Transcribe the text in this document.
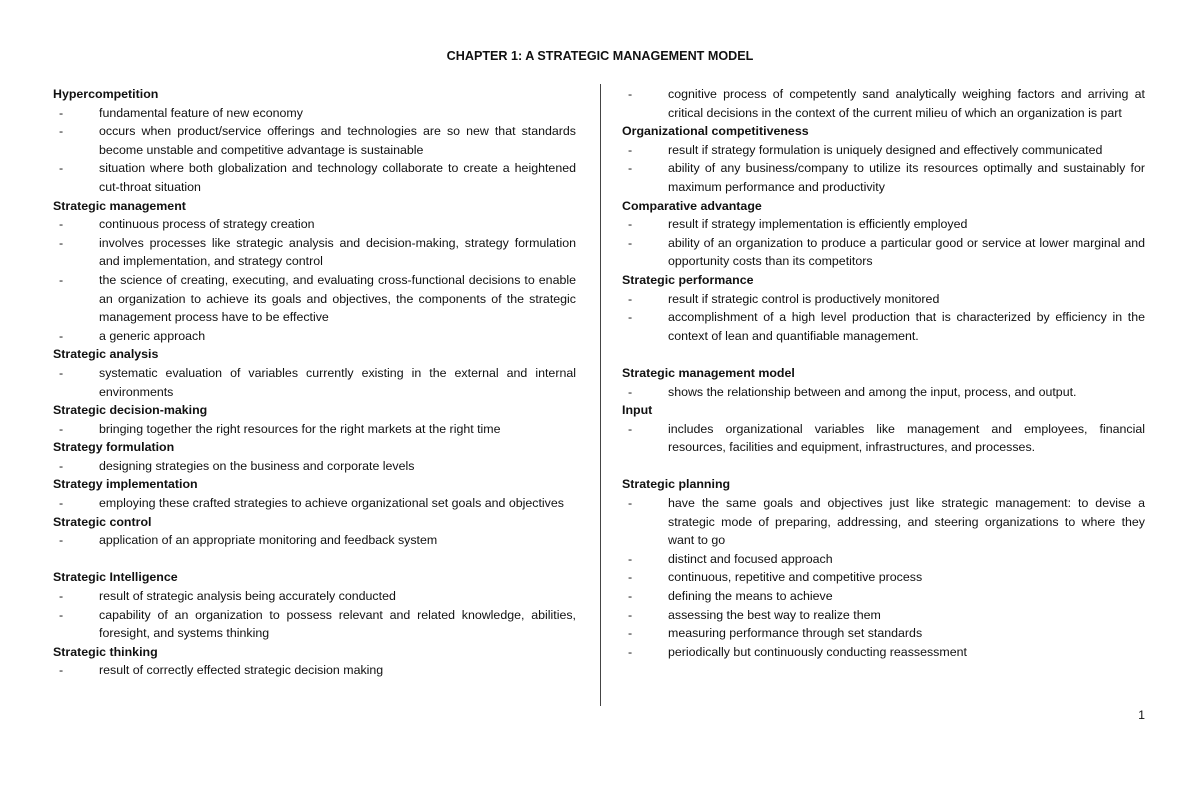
CHAPTER 1: A STRATEGIC MANAGEMENT MODEL
Hypercompetition
-	fundamental feature of new economy
-	occurs when product/service offerings and technologies are so new that standards become unstable and competitive advantage is sustainable
-	situation where both globalization and technology collaborate to create a heightened cut-throat situation
Strategic management
-	continuous process of strategy creation
-	involves processes like strategic analysis and decision-making, strategy formulation and implementation, and strategy control
-	the science of creating, executing, and evaluating cross-functional decisions to enable an organization to achieve its goals and objectives, the components of the strategic management process have to be effective
-	a generic approach
Strategic analysis
-	systematic evaluation of variables currently existing in the external and internal environments
Strategic decision-making
-	bringing together the right resources for the right markets at the right time
Strategy formulation
-	designing strategies on the business and corporate levels
Strategy implementation
-	employing these crafted strategies to achieve organizational set goals and objectives
Strategic control
-	application of an appropriate monitoring and feedback system
Strategic Intelligence
-	result of strategic analysis being accurately conducted
-	capability of an organization to possess relevant and related knowledge, abilities, foresight, and systems thinking
Strategic thinking
-	result of correctly effected strategic decision making
-	cognitive process of competently sand analytically weighing factors and arriving at critical decisions in the context of the current milieu of which an organization is part
Organizational competitiveness
-	result if strategy formulation is uniquely designed and effectively communicated
-	ability of any business/company to utilize its resources optimally and sustainably for maximum performance and productivity
Comparative advantage
-	result if strategy implementation is efficiently employed
-	ability of an organization to produce a particular good or service at lower marginal and opportunity costs than its competitors
Strategic performance
-	result if strategic control is productively monitored
-	accomplishment of a high level production that is characterized by efficiency in the context of lean and quantifiable management.
Strategic management model
-	shows the relationship between and among the input, process, and output.
Input
-	includes organizational variables like management and employees, financial resources, facilities and equipment, infrastructures, and processes.
Strategic planning
-	have the same goals and objectives just like strategic management: to devise a strategic mode of preparing, addressing, and steering organizations to where they want to go
-	distinct and focused approach
-	continuous, repetitive and competitive process
-	defining the means to achieve
-	assessing the best way to realize them
-	measuring performance through set standards
-	periodically but continuously conducting reassessment
1
